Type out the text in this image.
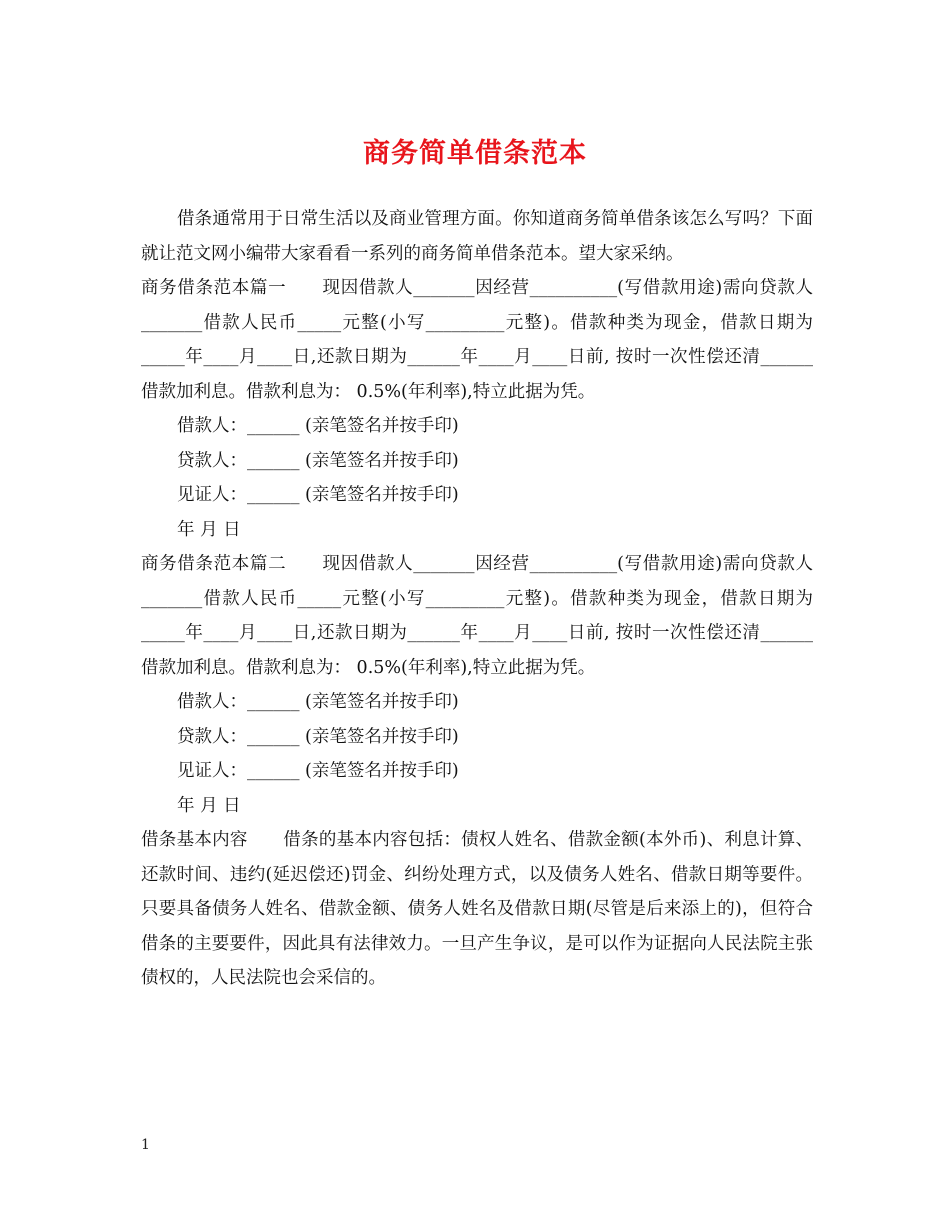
商务简单借条范本

借条通常用于日常生活以及商业管理方面。你知道商务简单借条该怎么写吗？下面就让范文网小编带大家看看一系列的商务简单借条范本。望大家采纳。

商务借条范本篇一　　 现因借款人_______因经营__________(写借款用途)需向贷款人_______借款人民币_____元整(小写_________元整)。借款种类为现金，借款日期为_____年____月____日,还款日期为______年____月____日前, 按时一次性偿还清______借款加利息。借款利息为： 0.5%(年利率),特立此据为凭。

借款人：______ (亲笔签名并按手印)

贷款人：______ (亲笔签名并按手印)

见证人：______ (亲笔签名并按手印)

年 月 日

商务借条范本篇二　　 现因借款人_______因经营__________(写借款用途)需向贷款人_______借款人民币_____元整(小写_________元整)。借款种类为现金，借款日期为_____年____月____日,还款日期为______年____月____日前, 按时一次性偿还清______借款加利息。借款利息为： 0.5%(年利率),特立此据为凭。

借款人：______ (亲笔签名并按手印)

贷款人：______ (亲笔签名并按手印)

见证人：______ (亲笔签名并按手印)

年 月 日

借条基本内容　　 借条的基本内容包括：债权人姓名、借款金额(本外币)、利息计算、还款时间、违约(延迟偿还)罚金、纠纷处理方式，以及债务人姓名、借款日期等要件。只要具备债务人姓名、借款金额、债务人姓名及借款日期(尽管是后来添上的)，但符合借条的主要要件，因此具有法律效力。一旦产生争议，是可以作为证据向人民法院主张债权的，人民法院也会采信的。

1
